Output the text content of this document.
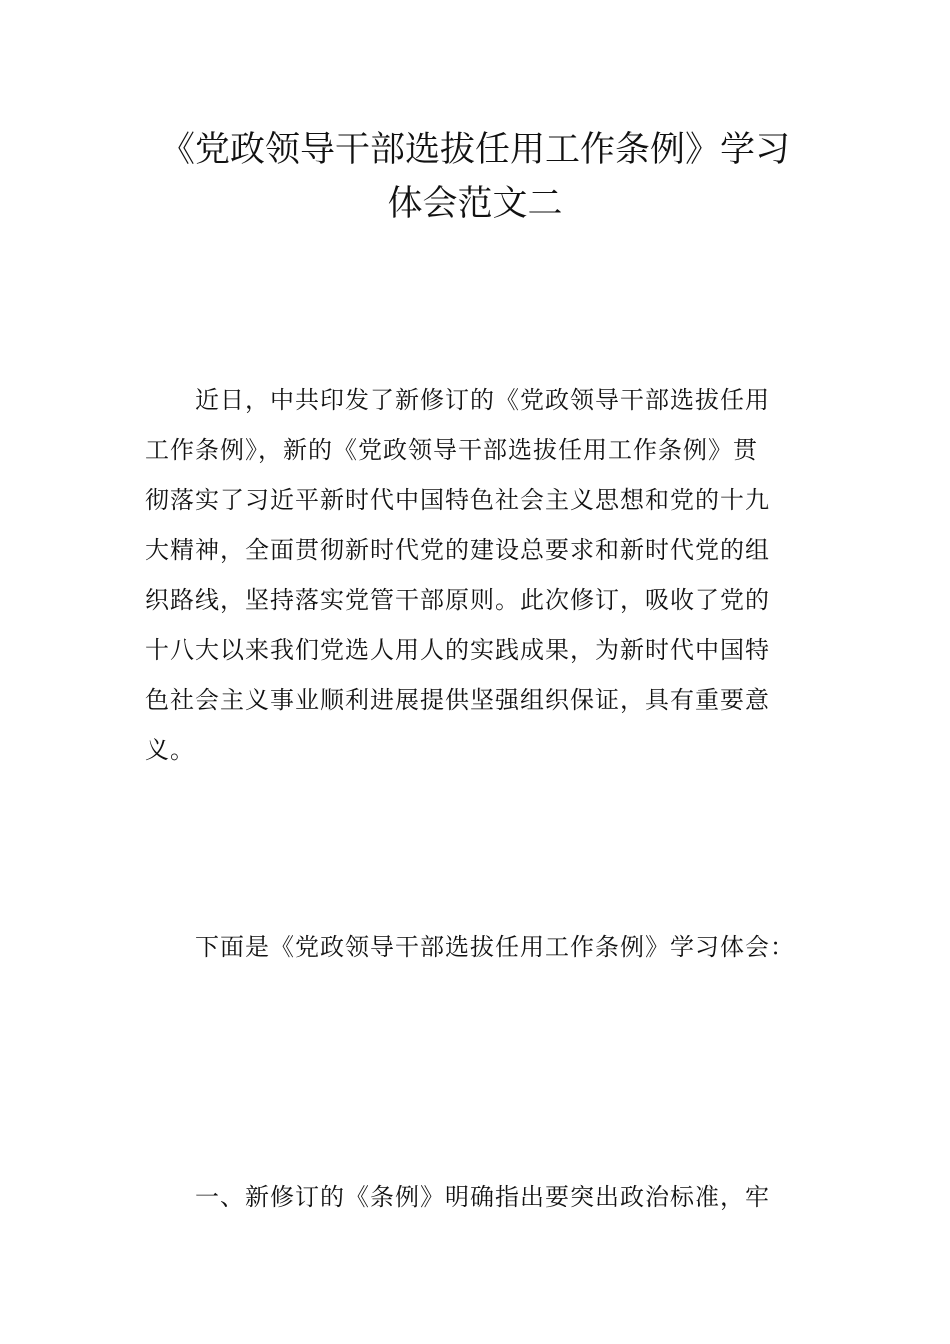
《党政领导干部选拔任用工作条例》学习
体会范文二
　　近日，中共印发了新修订的《党政领导干部选拔任用
工作条例》，新的《党政领导干部选拔任用工作条例》贯
彻落实了习近平新时代中国特色社会主义思想和党的十九
大精神，全面贯彻新时代党的建设总要求和新时代党的组
织路线，坚持落实党管干部原则。此次修订，吸收了党的
十八大以来我们党选人用人的实践成果，为新时代中国特
色社会主义事业顺利进展提供坚强组织保证，具有重要意
义。
下面是《党政领导干部选拔任用工作条例》学习体会：
一、新修订的《条例》明确指出要突出政治标准，牢
